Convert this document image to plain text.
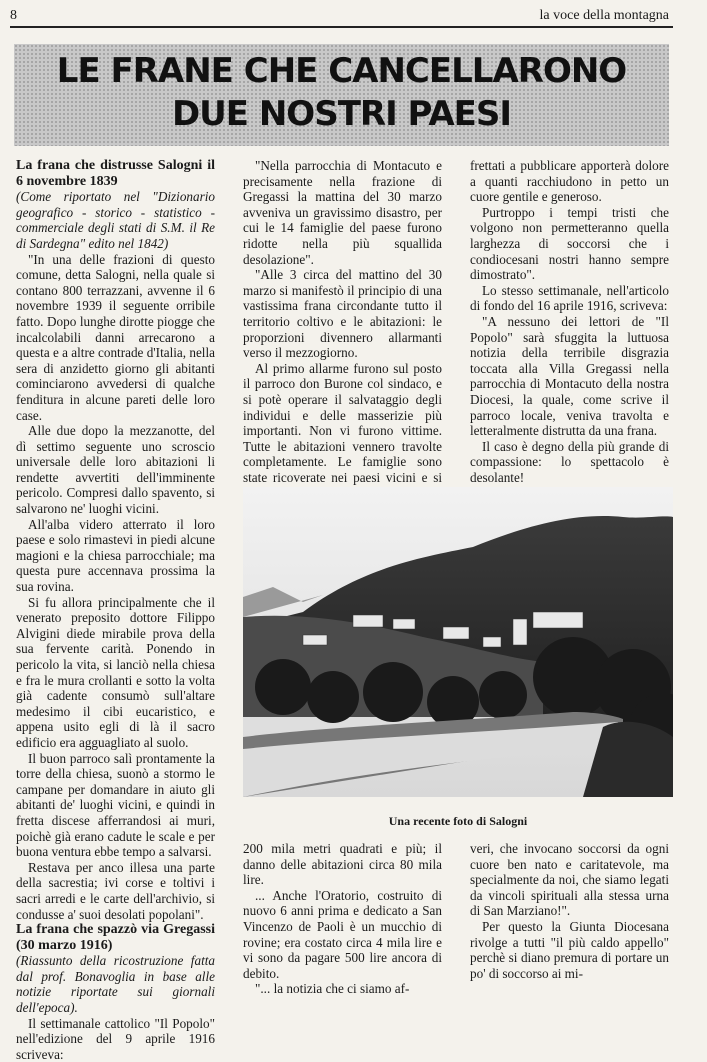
8	la voce della montagna
LE FRANE CHE CANCELLARONO
DUE NOSTRI PAESI

La frana che distrusse Salogni il 6 novembre 1839

(Come riportato nel "Dizionario geografico - storico - statistico - commerciale degli stati di S.M. il Re di Sardegna" edito nel 1842)

"In una delle frazioni di questo comune, detta Salogni, nella quale si contano 800 terrazzani, avvenne il 6 novembre 1939 il seguente orribile fatto. Dopo lunghe dirotte piogge che incalcolabili danni arrecarono a questa e a altre contrade d'Italia, nella sera di anzidetto giorno gli abitanti cominciarono avvedersi di qualche fenditura in alcune pareti delle loro case.

Alle due dopo la mezzanotte, del dì settimo seguente uno scroscio universale delle loro abitazioni li rendette avvertiti dell'imminente pericolo. Compresi dallo spavento, si salvarono ne' luoghi vicini.

All'alba videro atterrato il loro paese e solo rimastevi in piedi alcune magioni e la chiesa parrocchiale; ma questa pure accennava prossima la sua rovina.

Si fu allora principalmente che il venerato preposito dottore Filippo Alvigini diede mirabile prova della sua fervente carità. Ponendo in pericolo la vita, si lanciò nella chiesa e fra le mura crollanti e sotto la volta già cadente consumò sull'altare medesimo il cibi eucaristico, e appena usito egli di là il sacro edificio era agguagliato al suolo.

Il buon parroco salì prontamente la torre della chiesa, suonò a stormo le campane per domandare in aiuto gli abitanti de' luoghi vicini, e quindi in fretta discese afferrandosi ai muri, poichè già erano cadute le scale e per buona ventura ebbe tempo a salvarsi.

Restava per anco illesa una parte della sacrestia; ivi corse e toltivi i sacri arredi e le carte dell'archivio, si condusse a' suoi desolati popolani".

La frana che spazzò via Gregassi (30 marzo 1916)

(Riassunto della ricostruzione fatta dal prof. Bonavoglia in base alle notizie riportate sui giornali dell'epoca).

Il settimanale cattolico "Il Popolo" nell'edizione del 9 aprile 1916 scriveva:

"Nella parrocchia di Montacuto e precisamente nella frazione di Gregassi la mattina del 30 marzo avveniva un gravissimo disastro, per cui le 14 famiglie del paese furono ridotte nella più squallida desolazione".

"Alle 3 circa del mattino del 30 marzo si manifestò il principio di una vastissima frana circondante tutto il territorio coltivo e le abitazioni: le proporzioni divennero allarmanti verso il mezzogiorno.

Al primo allarme furono sul posto il parroco don Burone col sindaco, e si potè operare il salvataggio degli individui e delle masserizie più importanti. Non vi furono vittime. Tutte le abitazioni vennero travolte completamente. Le famiglie sono state ricoverate nei paesi vicini e si

frettati a pubblicare apporterà dolore a quanti racchiudono in petto un cuore gentile e generoso.

Purtroppo i tempi tristi che volgono non permetteranno quella larghezza di soccorsi che i condiocesani nostri hanno sempre dimostrato".

Lo stesso settimanale, nell'articolo di fondo del 16 aprile 1916, scriveva:

"A nessuno dei lettori de "Il Popolo" sarà sfuggita la luttuosa notizia della terribile disgrazia toccata alla Villa Gregassi nella parrocchia di Montacuto della nostra Diocesi, la quale, come scrive il parroco locale, veniva travolta e letteralmente distrutta da una frana.

Il caso è degno della più grande di compassione: lo spettacolo è desolante!

Una recente foto di Salogni

200 mila metri quadrati e più; il danno delle abitazioni circa 80 mila lire.

... Anche l'Oratorio, costruito di nuovo 6 anni prima e dedicato a San Vincenzo de Paoli è un mucchio di rovine; era costato circa 4 mila lire e vi sono da pagare 500 lire ancora di debito.

"... la notizia che ci siamo af-

veri, che invocano soccorsi da ogni cuore ben nato e caritatevole, ma specialmente da noi, che siamo legati da vincoli spirituali alla stessa urna di San Marziano!".

Per questo la Giunta Diocesana rivolge a tutti "il più caldo appello" perchè si diano premura di portare un po' di soccorso ai mi-
